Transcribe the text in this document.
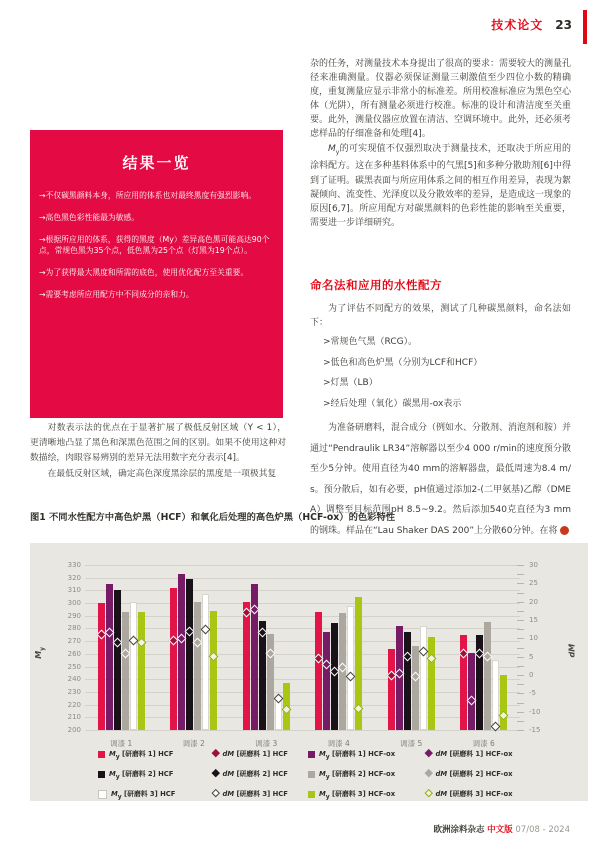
技术论文 23
结果一览
→不仅碳黑颜料本身，所应用的体系也对最终黑度有强烈影响。
→高色黑色彩性能最为敏感。
→根据所应用的体系，获得的黑度（My）差异高色黑可能高达90个点，常规色黑为35个点，低色黑为25个点（灯黑为19个点）。
→为了获得最大黑度和所需的底色，使用优化配方至关重要。
→需要考虑所应用配方中不同成分的亲和力。

对数表示法的优点在于显著扩展了极低反射区域（Y < 1），更清晰地凸显了黑色和深黑色范围之间的区别。如果不使用这种对数描绘，肉眼容易辨别的差异无法用数字充分表示[4]。

在最低反射区域，确定高色深度黑涂层的黑度是一项极其复

杂的任务，对测量技术本身提出了很高的要求：需要较大的测量孔径来准确测量。仪器必须保证测量三刺激值至少四位小数的精确度，重复测量应显示非常小的标准差。所用校准标准应为黑色空心体（光阱），所有测量必须进行校准。标准的设计和清洁度至关重要。此外，测量仪器应放置在清洁、空调环境中。此外，还必须考虑样品的仔细准备和处理[4]。

$M_y$的可实现值不仅强烈取决于测量技术，还取决于所应用的涂料配方。这在多种基料体系中的气黑[5]和多种分散助剂[6]中得到了证明。碳黑表面与所应用体系之间的相互作用差异，表现为絮凝倾向、流变性、光泽度以及分散效率的差异，是造成这一现象的原因[6,7]。所应用配方对碳黑颜料的色彩性能的影响至关重要，需要进一步详细研究。

命名法和应用的水性配方

为了评估不同配方的效果，测试了几种碳黑颜料，命名法如下：

>常规色气黑（RCG）。
>低色和高色炉黑（分别为LCF和HCF）
>灯黑（LB）
>经后处理（氧化）碳黑用-ox表示

为准备研磨料，混合成分（例如水、分散剂、消泡剂和胺）并通过“Pendraulik LR34”溶解器以至少4 000 r/min的速度预分散至少5分钟。使用直径为40 mm的溶解器盘，最低周速为8.4 m/s。预分散后，如有必要，pH值通过添加2-(二甲氨基)乙醇（DMEA）调整至目标范围pH 8.5~9.2。然后添加540克直径为3 mm的钢珠。样品在“Lau Shaker DAS 200”上分散60分钟。在将	❯

图1 不同水性配方中高色炉黑（HCF）和氧化后处理的高色炉黑（HCF-ox）的色彩特性
330
320
310
300
290
280
270
260
250
240
230
220
210
200
30
25
20
15
10
5
0
-5
-10
-15
调漆 1	调漆 2	调漆 3	调漆 4	调漆 5	调漆 6
$M_y$	dM
$M_y$ [研磨料 1] HCF
$M_y$ [研磨料 2] HCF
$M_y$ [研磨料 3] HCF
dM [研磨料 1] HCF
dM [研磨料 2] HCF
dM [研磨料 3] HCF
$M_y$ [研磨料 1] HCF-ox
$M_y$ [研磨料 2] HCF-ox
$M_y$ [研磨料 3] HCF-ox
dM [研磨料 1] HCF-ox
dM [研磨料 2] HCF-ox
dM [研磨料 3] HCF-ox
欧洲涂料杂志 中文版 07/08 - 2024
